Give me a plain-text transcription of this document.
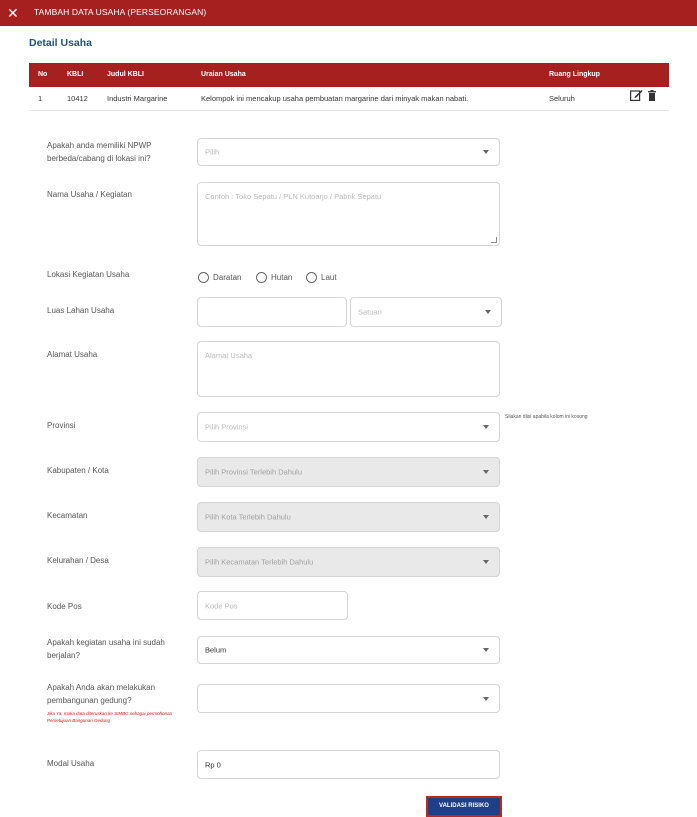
✕ TAMBAH DATA USAHA (PERSEORANGAN)
Detail Usaha
No	KBLI	Judul KBLI	Uraian Usaha	Ruang Lingkup
1	10412	Industri Margarine	Kelompok ini mencakup usaha pembuatan margarine dari minyak makan nabati.	Seluruh
Apakah anda memiliki NPWP berbeda/cabang di lokasi ini?
Pilih
Nama Usaha / Kegiatan	Contoh : Toko Sepatu / PLN Kutoarjo / Pabrik Sepatu
Lokasi Kegiatan Usaha	Daratan	Hutan	Laut
Luas Lahan Usaha	Satuan
Alamat Usaha	Alamat Usaha
Provinsi	Pilih Provinsi
Silakan diisi apabila kolom ini kosong
Kabupaten / Kota	Pilih Provinsi Terlebih Dahulu
Kecamatan	Pilih Kota Terlebih Dahulu
Kelurahan / Desa	Pilih Kecamatan Terlebih Dahulu
Kode Pos	Kode Pos
Apakah kegiatan usaha ini sudah berjalan?
Belum
Apakah Anda akan melakukan pembangunan gedung?
Jika Ya, maka data diteruskan ke SIMBG sebagai permohonan Persetujuan Bangunan Gedung
Modal Usaha	Rp 0
VALIDASI RISIKO
